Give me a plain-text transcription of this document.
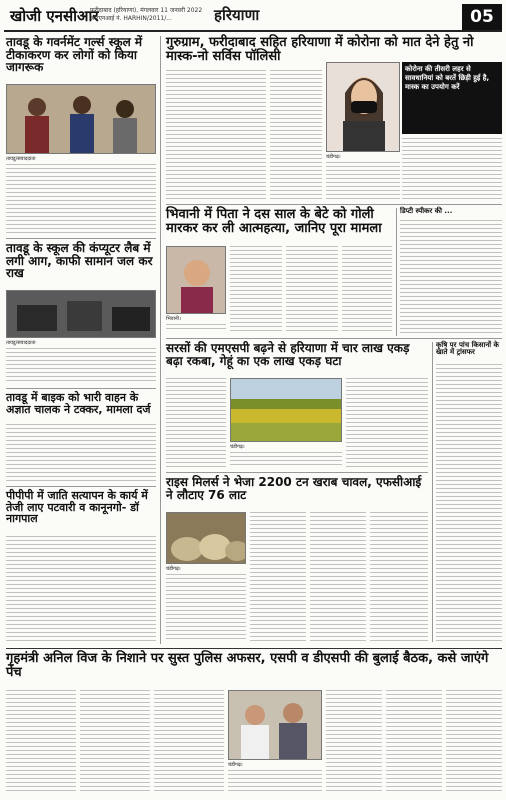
खोजी एनसीआर
फरीदाबाद (हरियाणा), मंगलवार 11 जनवरी 2022
आरएनआई नं. HARHIN/2011/...	हरियाणा	05
तावडू के गवर्नमेंट गर्ल्स स्कूल में टीकाकरण कर लोगों को किया जागरूक
तावडू/संवाददाता
तावडू के स्कूल की कंप्यूटर लैब में लगी आग, काफी सामान जल कर राख
तावडू/संवाददाता
तावडू में बाइक को भारी वाहन के अज्ञात चालक ने टक्कर, मामला दर्ज
पीपीपी में जाति सत्यापन के कार्य में तेजी लाए पटवारी व कानूनगो- डॉ नागपाल
गुरुग्राम, फरीदाबाद सहित हरियाणा में कोरोना को मात देने हेतु नो मास्क-नो सर्विस पॉलिसी
कोरोना की तीसरी लहर से सावधानियां को बरतें छिड़ी हुई है, मास्क का उपयोग करें
चंडीगढ़।
भिवानी में पिता ने दस साल के बेटे को गोली मारकर कर ली आत्महत्या, जानिए पूरा मामला
भिवानी।
डिप्टी स्पीकर की ...
सरसों की एमएसपी बढ़ने से हरियाणा में चार लाख एकड़ बढ़ा रकबा, गेहूं का एक लाख एकड़ घटा
चंडीगढ़।
कृषि पर पांच किसानों के खाते में ट्रांसफर
राइस मिलर्स ने भेजा 2200 टन खराब चावल, एफसीआई ने लौटाए 76 लाट
चंडीगढ़।
गृहमंत्री अनिल विज के निशाने पर सुस्त पुलिस अफसर, एसपी व डीएसपी की बुलाई बैठक, कसे जाएंगे पेंच
चंडीगढ़।
